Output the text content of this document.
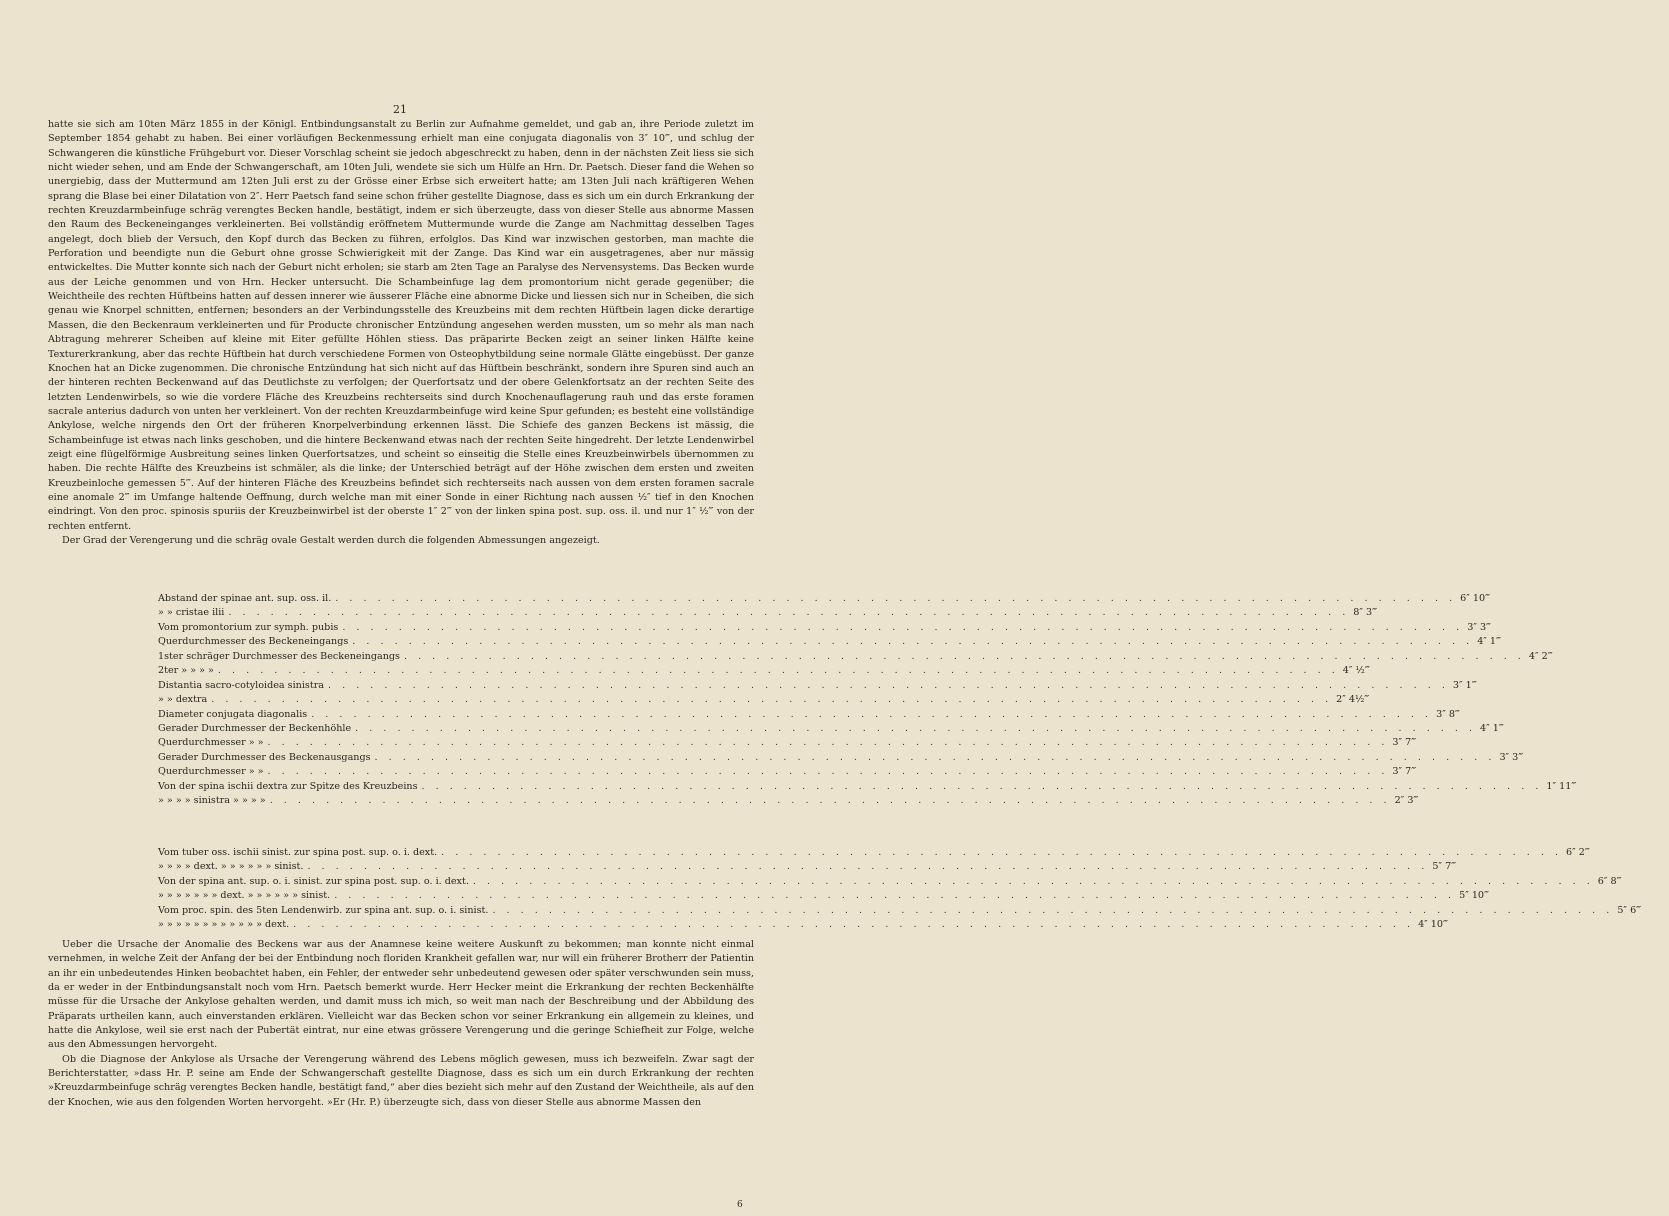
21

hatte sie sich am 10ten März 1855 in der Königl. Entbindungsanstalt zu Berlin zur Aufnahme gemeldet, und gab an, ihre Periode zuletzt im September 1854 gehabt zu haben. Bei einer vorläufigen Beckenmessung erhielt man eine conjugata diagonalis von 3″ 10‴, und schlug der Schwangeren die künstliche Frühgeburt vor. Dieser Vorschlag scheint sie jedoch abgeschreckt zu haben, denn in der nächsten Zeit liess sie sich nicht wieder sehen, und am Ende der Schwangerschaft, am 10ten Juli, wendete sie sich um Hülfe an Hrn. Dr. Paetsch. Dieser fand die Wehen so unergiebig, dass der Muttermund am 12ten Juli erst zu der Grösse einer Erbse sich erweitert hatte; am 13ten Juli nach kräftigeren Wehen sprang die Blase bei einer Dilatation von 2″. Herr Paetsch fand seine schon früher gestellte Diagnose, dass es sich um ein durch Erkrankung der rechten Kreuzdarmbeinfuge schräg verengtes Becken handle, bestätigt, indem er sich überzeugte, dass von dieser Stelle aus abnorme Massen den Raum des Beckeneinganges verkleinerten. Bei vollständig eröffnetem Muttermunde wurde die Zange am Nachmittag desselben Tages angelegt, doch blieb der Versuch, den Kopf durch das Becken zu führen, erfolglos. Das Kind war inzwischen gestorben, man machte die Perforation und beendigte nun die Geburt ohne grosse Schwierigkeit mit der Zange. Das Kind war ein ausgetragenes, aber nur mässig entwickeltes. Die Mutter konnte sich nach der Geburt nicht erholen; sie starb am 2ten Tage an Paralyse des Nervensystems. Das Becken wurde aus der Leiche genommen und von Hrn. Hecker untersucht. Die Schambeinfuge lag dem promontorium nicht gerade gegenüber; die Weichtheile des rechten Hüftbeins hatten auf dessen innerer wie äusserer Fläche eine abnorme Dicke und liessen sich nur in Scheiben, die sich genau wie Knorpel schnitten, entfernen; besonders an der Verbindungsstelle des Kreuzbeins mit dem rechten Hüftbein lagen dicke derartige Massen, die den Beckenraum verkleinerten und für Producte chronischer Entzündung angesehen werden mussten, um so mehr als man nach Abtragung mehrerer Scheiben auf kleine mit Eiter gefüllte Höhlen stiess. Das präparirte Becken zeigt an seiner linken Hälfte keine Texturerkrankung, aber das rechte Hüftbein hat durch verschiedene Formen von Osteophytbildung seine normale Glätte eingebüsst. Der ganze Knochen hat an Dicke zugenommen. Die chronische Entzündung hat sich nicht auf das Hüftbein beschränkt, sondern ihre Spuren sind auch an der hinteren rechten Beckenwand auf das Deutlichste zu verfolgen; der Querfortsatz und der obere Gelenkfortsatz an der rechten Seite des letzten Lendenwirbels, so wie die vordere Fläche des Kreuzbeins rechterseits sind durch Knochenauflagerung rauh und das erste foramen sacrale anterius dadurch von unten her verkleinert. Von der rechten Kreuzdarmbeinfuge wird keine Spur gefunden; es besteht eine vollständige Ankylose, welche nirgends den Ort der früheren Knorpelverbindung erkennen lässt. Die Schiefe des ganzen Beckens ist mässig, die Schambeinfuge ist etwas nach links geschoben, und die hintere Beckenwand etwas nach der rechten Seite hingedreht. Der letzte Lendenwirbel zeigt eine flügelförmige Ausbreitung seines linken Querfortsatzes, und scheint so einseitig die Stelle eines Kreuzbeinwirbels übernommen zu haben. Die rechte Hälfte des Kreuzbeins ist schmäler, als die linke; der Unterschied beträgt auf der Höhe zwischen dem ersten und zweiten Kreuzbeinloche gemessen 5‴. Auf der hinteren Fläche des Kreuzbeins befindet sich rechterseits nach aussen von dem ersten foramen sacrale eine anomale 2‴ im Umfange haltende Oeffnung, durch welche man mit einer Sonde in einer Richtung nach aussen ½″ tief in den Knochen eindringt. Von den proc. spinosis spuriis der Kreuzbeinwirbel ist der oberste 1″ 2‴ von der linken spina post. sup. oss. il. und nur 1″ ½‴ von der rechten entfernt.

Der Grad der Verengerung und die schräg ovale Gestalt werden durch die folgenden Abmessungen angezeigt.

Abstand der spinae ant. sup. oss. il. . . . . . . . . . . . . . . . . . . . . . . . . . . . . . . . . . . . . . . . . . . . . . . . . . . . . . . . . . . . . . . . . . . . . . . . . . . . . . . . . 6″ 10‴
» » cristae ilii . . . . . . . . . . . . . . . . . . . . . . . . . . . . . . . . . . . . . . . . . . . . . . . . . . . . . . . . . . . . . . . . . . . . . . . . . . . . . . . . 8″ 3‴
Vom promontorium zur symph. pubis . . . . . . . . . . . . . . . . . . . . . . . . . . . . . . . . . . . . . . . . . . . . . . . . . . . . . . . . . . . . . . . . . . . . . . . . . . . . . . . . 3″ 3‴
Querdurchmesser des Beckeneingangs . . . . . . . . . . . . . . . . . . . . . . . . . . . . . . . . . . . . . . . . . . . . . . . . . . . . . . . . . . . . . . . . . . . . . . . . . . . . . . . . 4″ 1‴
1ster schräger Durchmesser des Beckeneingangs . . . . . . . . . . . . . . . . . . . . . . . . . . . . . . . . . . . . . . . . . . . . . . . . . . . . . . . . . . . . . . . . . . . . . . . . . . . . . . . . 4″ 2‴
2ter » » » » . . . . . . . . . . . . . . . . . . . . . . . . . . . . . . . . . . . . . . . . . . . . . . . . . . . . . . . . . . . . . . . . . . . . . . . . . . . . . . . . 4″ ½‴
Distantia sacro-cotyloidea sinistra . . . . . . . . . . . . . . . . . . . . . . . . . . . . . . . . . . . . . . . . . . . . . . . . . . . . . . . . . . . . . . . . . . . . . . . . . . . . . . . . 3″ 1‴
» » dextra . . . . . . . . . . . . . . . . . . . . . . . . . . . . . . . . . . . . . . . . . . . . . . . . . . . . . . . . . . . . . . . . . . . . . . . . . . . . . . . . 2″ 4½‴
Diameter conjugata diagonalis . . . . . . . . . . . . . . . . . . . . . . . . . . . . . . . . . . . . . . . . . . . . . . . . . . . . . . . . . . . . . . . . . . . . . . . . . . . . . . . . 3″ 8‴
Gerader Durchmesser der Beckenhöhle . . . . . . . . . . . . . . . . . . . . . . . . . . . . . . . . . . . . . . . . . . . . . . . . . . . . . . . . . . . . . . . . . . . . . . . . . . . . . . . . 4″ 1‴
Querdurchmesser » » . . . . . . . . . . . . . . . . . . . . . . . . . . . . . . . . . . . . . . . . . . . . . . . . . . . . . . . . . . . . . . . . . . . . . . . . . . . . . . . . 3″ 7‴
Gerader Durchmesser des Beckenausgangs . . . . . . . . . . . . . . . . . . . . . . . . . . . . . . . . . . . . . . . . . . . . . . . . . . . . . . . . . . . . . . . . . . . . . . . . . . . . . . . . 3″ 3‴
Querdurchmesser » » . . . . . . . . . . . . . . . . . . . . . . . . . . . . . . . . . . . . . . . . . . . . . . . . . . . . . . . . . . . . . . . . . . . . . . . . . . . . . . . . 3″ 7‴
Von der spina ischii dextra zur Spitze des Kreuzbeins . . . . . . . . . . . . . . . . . . . . . . . . . . . . . . . . . . . . . . . . . . . . . . . . . . . . . . . . . . . . . . . . . . . . . . . . . . . . . . . . 1″ 11‴
» » » » sinistra » » » » . . . . . . . . . . . . . . . . . . . . . . . . . . . . . . . . . . . . . . . . . . . . . . . . . . . . . . . . . . . . . . . . . . . . . . . . . . . . . . . . 2″ 3‴
Vom tuber oss. ischii sinist. zur spina post. sup. o. i. dext. . . . . . . . . . . . . . . . . . . . . . . . . . . . . . . . . . . . . . . . . . . . . . . . . . . . . . . . . . . . . . . . . . . . . . . . . . . . . . . . . 6″ 2‴
» » » » dext. » » » » » » sinist. . . . . . . . . . . . . . . . . . . . . . . . . . . . . . . . . . . . . . . . . . . . . . . . . . . . . . . . . . . . . . . . . . . . . . . . . . . . . . . . . 5″ 7‴
Von der spina ant. sup. o. i. sinist. zur spina post. sup. o. i. dext. . . . . . . . . . . . . . . . . . . . . . . . . . . . . . . . . . . . . . . . . . . . . . . . . . . . . . . . . . . . . . . . . . . . . . . . . . . . . . . . . 6″ 8‴
» » » » » » » dext. » » » » » » sinist. . . . . . . . . . . . . . . . . . . . . . . . . . . . . . . . . . . . . . . . . . . . . . . . . . . . . . . . . . . . . . . . . . . . . . . . . . . . . . . . . 5″ 10‴
Vom proc. spin. des 5ten Lendenwirb. zur spina ant. sup. o. i. sinist. . . . . . . . . . . . . . . . . . . . . . . . . . . . . . . . . . . . . . . . . . . . . . . . . . . . . . . . . . . . . . . . . . . . . . . . . . . . . . . . . 5″ 6‴
» » » » » » » » » » » » dext. . . . . . . . . . . . . . . . . . . . . . . . . . . . . . . . . . . . . . . . . . . . . . . . . . . . . . . . . . . . . . . . . . . . . . . . . . . . . . . . . 4″ 10‴

Ueber die Ursache der Anomalie des Beckens war aus der Anamnese keine weitere Auskunft zu bekommen; man konnte nicht einmal vernehmen, in welche Zeit der Anfang der bei der Entbindung noch floriden Krankheit gefallen war, nur will ein früherer Brotherr der Patientin an ihr ein unbedeutendes Hinken beobachtet haben, ein Fehler, der entweder sehr unbedeutend gewesen oder später verschwunden sein muss, da er weder in der Entbindungsanstalt noch vom Hrn. Paetsch bemerkt wurde. Herr Hecker meint die Erkrankung der rechten Beckenhälfte müsse für die Ursache der Ankylose gehalten werden, und damit muss ich mich, so weit man nach der Beschreibung und der Abbildung des Präparats urtheilen kann, auch einverstanden erklären. Vielleicht war das Becken schon vor seiner Erkrankung ein allgemein zu kleines, und hatte die Ankylose, weil sie erst nach der Pubertät eintrat, nur eine etwas grössere Verengerung und die geringe Schiefheit zur Folge, welche aus den Abmessungen hervorgeht.

Ob die Diagnose der Ankylose als Ursache der Verengerung während des Lebens möglich gewesen, muss ich bezweifeln. Zwar sagt der Berichterstatter, »dass Hr. P. seine am Ende der Schwangerschaft gestellte Diagnose, dass es sich um ein durch Erkrankung der rechten »Kreuzdarmbeinfuge schräg verengtes Becken handle, bestätigt fand,“ aber dies bezieht sich mehr auf den Zustand der Weichtheile, als auf den der Knochen, wie aus den folgenden Worten hervorgeht. »Er (Hr. P.) überzeugte sich, dass von dieser Stelle aus abnorme Massen den

6
